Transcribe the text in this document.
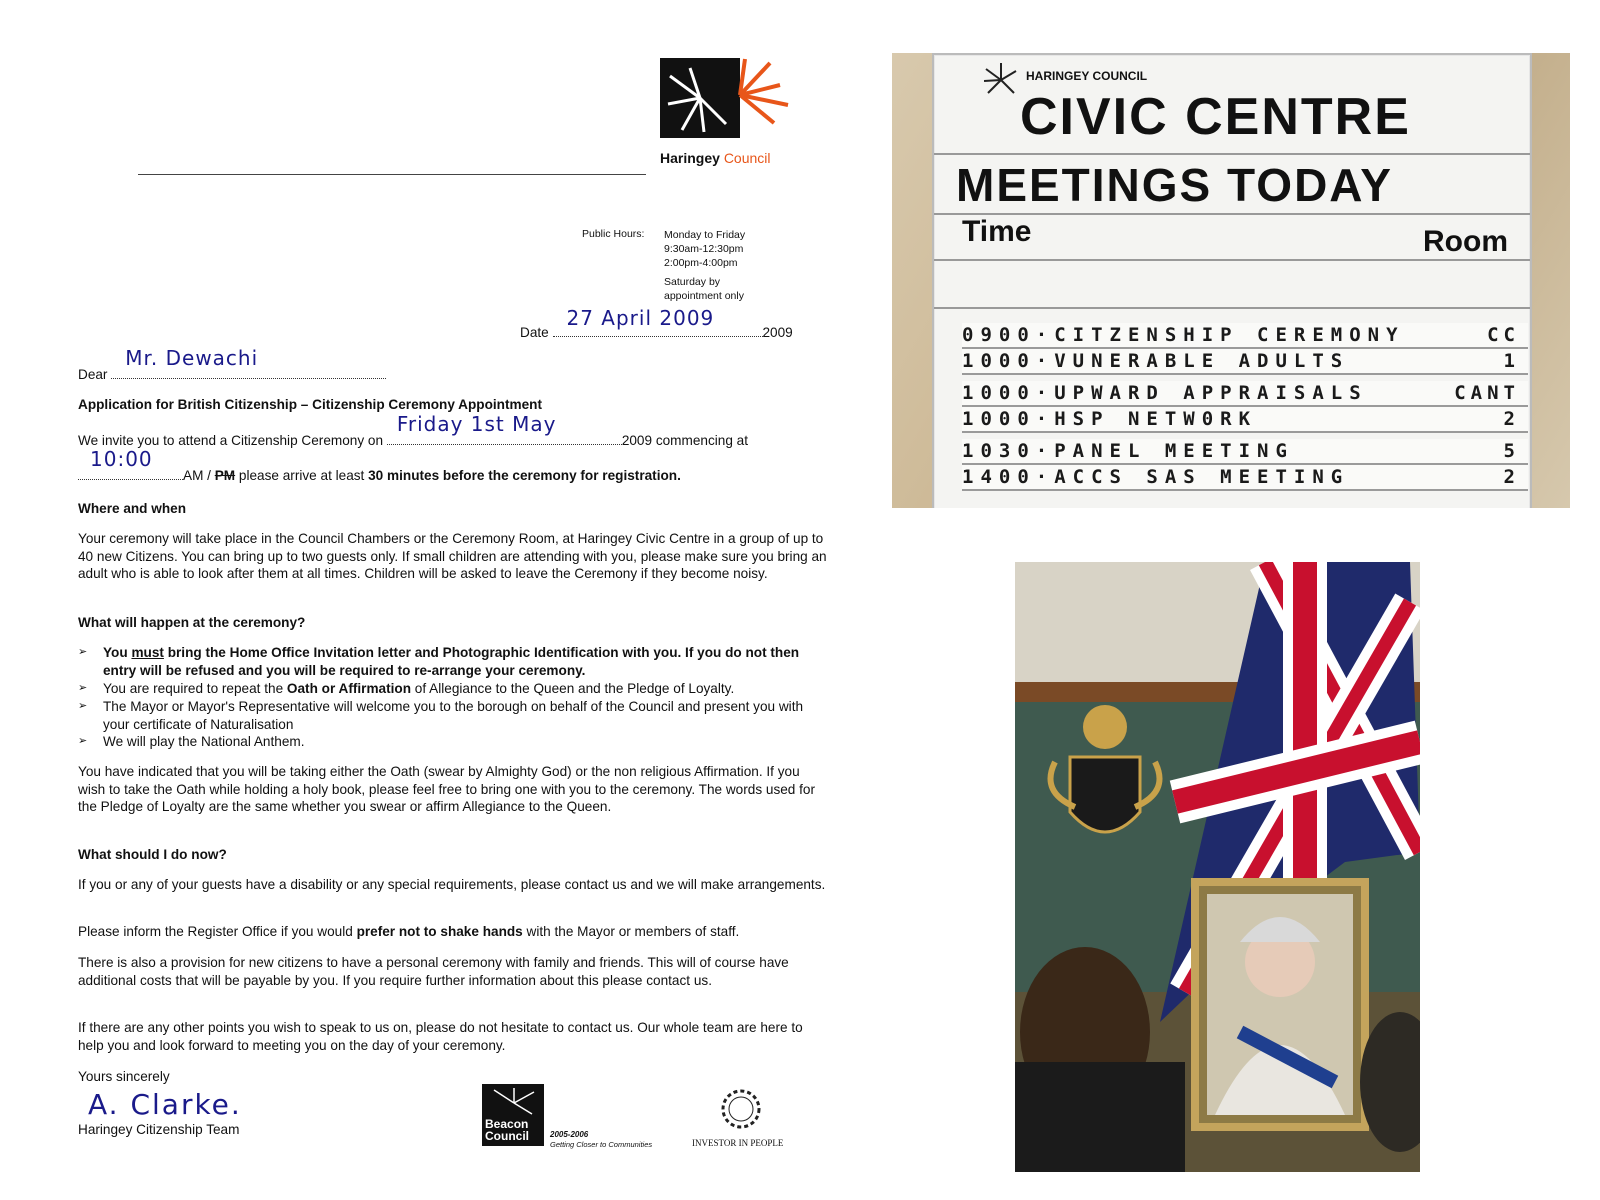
Haringey Council
Public Hours: Monday to Friday
9:30am-12:30pm
2:00pm-4:00pm
Saturday by
appointment only
Date
27 April 2009
2009
Dear
Mr. Dewachi
Application for British Citizenship – Citizenship Ceremony Appointment
We invite you to attend a Citizenship Ceremony on
Friday 1st May
2009 commencing at
10:00
AM / PM please arrive at least 30 minutes before the ceremony for registration.
Where and when
Your ceremony will take place in the Council Chambers or the Ceremony Room, at Haringey Civic Centre in a group of up to 40 new Citizens. You can bring up to two guests only. If small children are attending with you, please make sure you bring an adult who is able to look after them at all times. Children will be asked to leave the Ceremony if they become noisy.
What will happen at the ceremony?
➢ You must bring the Home Office Invitation letter and Photographic Identification with you. If you do not then entry will be refused and you will be required to re-arrange your ceremony.
➢ You are required to repeat the Oath or Affirmation of Allegiance to the Queen and the Pledge of Loyalty.
➢ The Mayor or Mayor's Representative will welcome you to the borough on behalf of the Council and present you with your certificate of Naturalisation
➢ We will play the National Anthem.
You have indicated that you will be taking either the Oath (swear by Almighty God) or the non religious Affirmation. If you wish to take the Oath while holding a holy book, please feel free to bring one with you to the ceremony. The words used for the Pledge of Loyalty are the same whether you swear or affirm Allegiance to the Queen.
What should I do now?
If you or any of your guests have a disability or any special requirements, please contact us and we will make arrangements.
Please inform the Register Office if you would prefer not to shake hands with the Mayor or members of staff.
There is also a provision for new citizens to have a personal ceremony with family and friends. This will of course have additional costs that will be payable by you. If you require further information about this please contact us.
If there are any other points you wish to speak to us on, please do not hesitate to contact us. Our whole team are here to help you and look forward to meeting you on the day of your ceremony.
Yours sincerely
A. Clarke.
Haringey Citizenship Team	Beacon
Council	2005-2006
Getting Closer to Communities	INVESTOR IN PEOPLE
HARINGEY COUNCIL
CIVIC CENTRE
MEETINGS TODAY
Time	Room
0900·CITZENSHIP CEREMONY	CC
1000·VUNERABLE ADULTS	1
1000·UPWARD APPRAISALS	CANT
1000·HSP NETW0RK	2
1030·PANEL MEETING	5
1400·ACCS SAS MEETING	2
